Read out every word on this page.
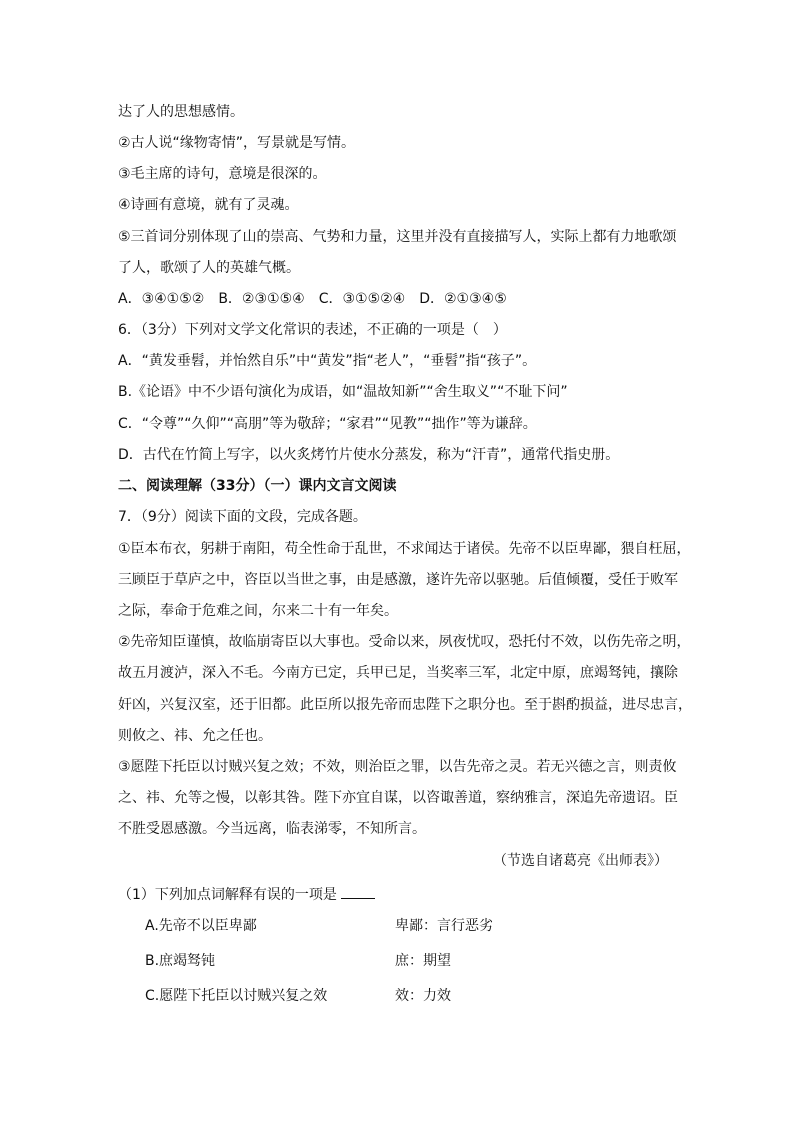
达了人的思想感情。
②古人说“缘物寄情”，写景就是写情。
③毛主席的诗句，意境是很深的。
④诗画有意境，就有了灵魂。
⑤三首词分别体现了山的崇高、气势和力量，这里并没有直接描写人，实际上都有力地歌颂
了人，歌颂了人的英雄气概。
A．③④①⑤②　B．②③①⑤④　C．③①⑤②④　D．②①③④⑤
6．（3分）下列对文学文化常识的表述，不正确的一项是（　）
A．“黄发垂髫，并怡然自乐”中“黄发”指“老人”，“垂髫”指“孩子”。
B.《论语》中不少语句演化为成语，如“温故知新”“舍生取义”“不耻下问”
C．“令尊”“久仰”“高朋”等为敬辞；“家君”“见教”“拙作”等为谦辞。
D．古代在竹简上写字，以火炙烤竹片使水分蒸发，称为“汗青”，通常代指史册。
二、阅读理解（33分）（一）课内文言文阅读
7．（9分）阅读下面的文段，完成各题。
①臣本布衣，躬耕于南阳，苟全性命于乱世，不求闻达于诸侯。先帝不以臣卑鄙，猥自枉屈，
三顾臣于草庐之中，咨臣以当世之事，由是感激，遂许先帝以驱驰。后值倾覆，受任于败军
之际，奉命于危难之间，尔来二十有一年矣。
②先帝知臣谨慎，故临崩寄臣以大事也。受命以来，夙夜忧叹，恐托付不效，以伤先帝之明，
故五月渡泸，深入不毛。今南方已定，兵甲已足，当奖率三军，北定中原，庶竭驽钝，攘除
奸凶，兴复汉室，还于旧都。此臣所以报先帝而忠陛下之职分也。至于斟酌损益，进尽忠言，
则攸之、祎、允之任也。
③愿陛下托臣以讨贼兴复之效；不效，则治臣之罪，以告先帝之灵。若无兴德之言，则责攸
之、祎、允等之慢，以彰其咎。陛下亦宜自谋，以咨诹善道，察纳雅言，深追先帝遗诏。臣
不胜受恩感激。今当远离，临表涕零，不知所言。
（节选自诸葛亮《出师表》）
（1）下列加点词解释有误的一项是
A.先帝不以臣卑鄙	卑鄙：言行恶劣
B.庶竭驽钝	庶：期望
C.愿陛下托臣以讨贼兴复之效	效：力效
